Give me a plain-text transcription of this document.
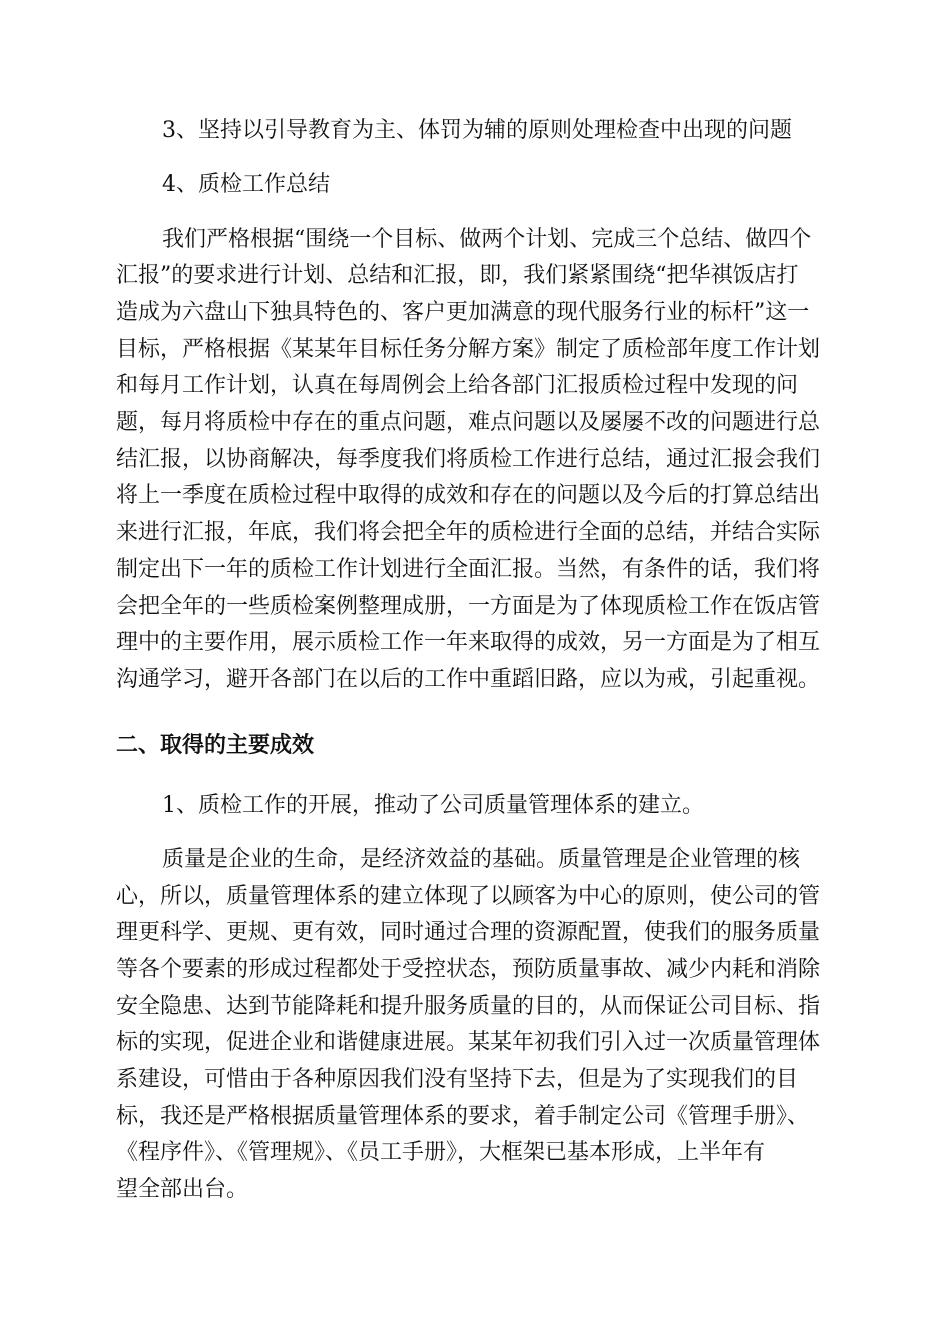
3、坚持以引导教育为主、体罚为辅的原则处理检查中出现的问题
4、质检工作总结
我们严格根据“围绕一个目标、做两个计划、完成三个总结、做四个
汇报”的要求进行计划、总结和汇报，即，我们紧紧围绕“把华祺饭店打
造成为六盘山下独具特色的、客户更加满意的现代服务行业的标杆”这一
目标，严格根据《某某年目标任务分解方案》制定了质检部年度工作计划
和每月工作计划，认真在每周例会上给各部门汇报质检过程中发现的问
题，每月将质检中存在的重点问题，难点问题以及屡屡不改的问题进行总
结汇报，以协商解决，每季度我们将质检工作进行总结，通过汇报会我们
将上一季度在质检过程中取得的成效和存在的问题以及今后的打算总结出
来进行汇报，年底，我们将会把全年的质检进行全面的总结，并结合实际
制定出下一年的质检工作计划进行全面汇报。当然，有条件的话，我们将
会把全年的一些质检案例整理成册，一方面是为了体现质检工作在饭店管
理中的主要作用，展示质检工作一年来取得的成效，另一方面是为了相互
沟通学习，避开各部门在以后的工作中重蹈旧路，应以为戒，引起重视。
二、取得的主要成效
1、质检工作的开展，推动了公司质量管理体系的建立。
质量是企业的生命，是经济效益的基础。质量管理是企业管理的核
心，所以，质量管理体系的建立体现了以顾客为中心的原则，使公司的管
理更科学、更规、更有效，同时通过合理的资源配置，使我们的服务质量
等各个要素的形成过程都处于受控状态，预防质量事故、减少内耗和消除
安全隐患、达到节能降耗和提升服务质量的目的，从而保证公司目标、指
标的实现，促进企业和谐健康进展。某某年初我们引入过一次质量管理体
系建设，可惜由于各种原因我们没有坚持下去，但是为了实现我们的目
标，我还是严格根据质量管理体系的要求，着手制定公司《管理手册》、
《程序件》、《管理规》、《员工手册》，大框架已基本形成，上半年有
望全部出台。
